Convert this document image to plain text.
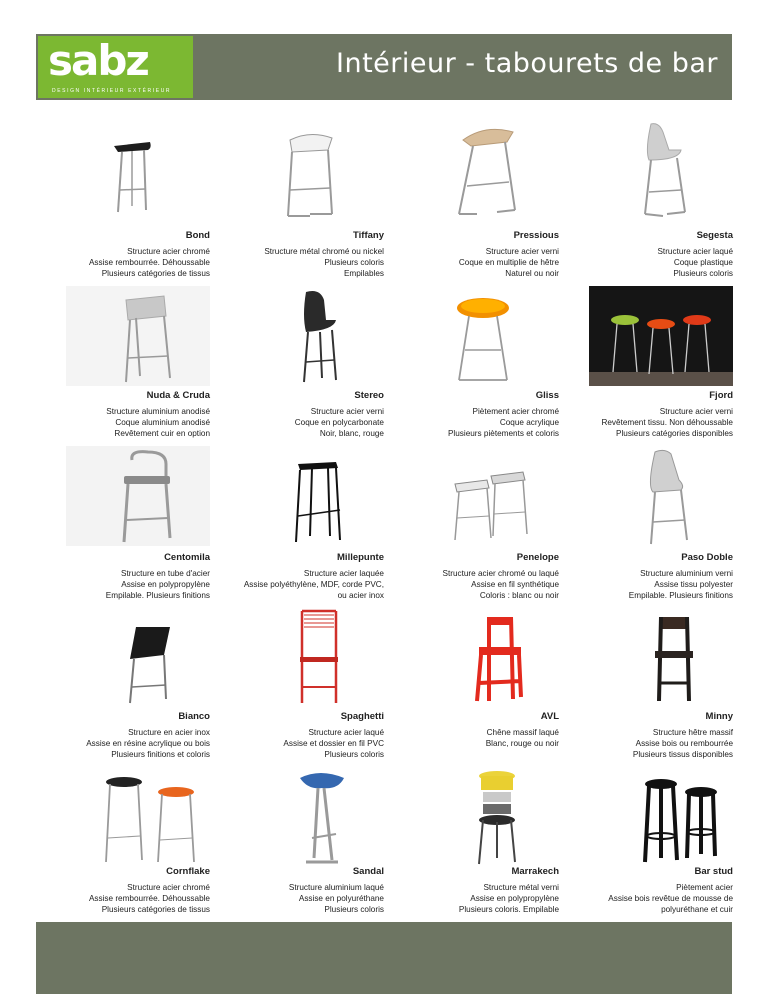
sabz
DESIGN INTÉRIEUR EXTÉRIEUR
Intérieur - tabourets de bar
Bond
Structure acier chromé
Assise rembourrée. Déhoussable
Plusieurs catégories de tissus
Tiffany
Structure métal chromé ou nickel
Plusieurs coloris
Empilables
Pressious
Structure acier verni
Coque en multiplie de hêtre
Naturel ou noir
Segesta
Structure acier laqué
Coque plastique
Plusieurs coloris
Nuda & Cruda
Structure aluminium anodisé
Coque aluminium anodisé
Revêtement cuir en option
Stereo
Structure acier verni
Coque en polycarbonate
Noir, blanc, rouge
Gliss
Piètement acier chromé
Coque acrylique
Plusieurs piètements et coloris
Fjord
Structure acier verni
Revêtement tissu. Non déhoussable
Plusieurs catégories disponibles
Centomila
Structure en tube d'acier
Assise en polypropylène
Empilable. Plusieurs finitions
Millepunte
Structure acier laquée
Assise polyéthylène, MDF, corde PVC,
ou acier inox
Penelope
Structure acier chromé ou laqué
Assise en fil synthétique
Coloris : blanc ou noir
Paso Doble
Structure aluminium verni
Assise tissu polyester
Empilable. Plusieurs finitions
Bianco
Structure en acier inox
Assise en résine acrylique ou bois
Plusieurs finitions et coloris
Spaghetti
Structure acier laqué
Assise et dossier en fil PVC
Plusieurs coloris
AVL
Chêne massif laqué
Blanc, rouge ou noir
Minny
Structure hêtre massif
Assise bois ou rembourrée
Plusieurs tissus disponibles
Cornflake
Structure acier chromé
Assise rembourrée. Déhoussable
Plusieurs catégories de tissus
Sandal
Structure aluminium laqué
Assise en polyuréthane
Plusieurs coloris
Marrakech
Structure métal verni
Assise en polypropylène
Plusieurs coloris. Empilable
Bar stud
Piètement acier
Assise bois revêtue de mousse de
polyuréthane et cuir
